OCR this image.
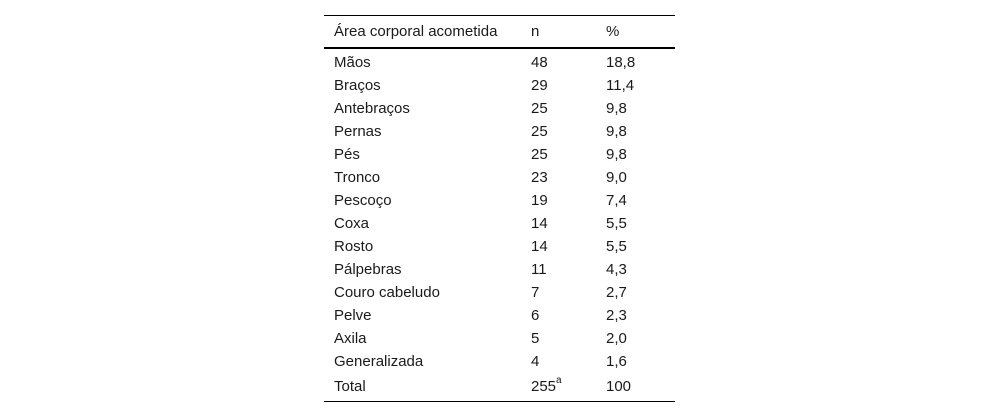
Área corporal acometida	n	%
Mãos	48	18,8
Braços	29	11,4
Antebraços	25	9,8
Pernas	25	9,8
Pés	25	9,8
Tronco	23	9,0
Pescoço	19	7,4
Coxa	14	5,5
Rosto	14	5,5
Pálpebras	11	4,3
Couro cabeludo	7	2,7
Pelve	6	2,3
Axila	5	2,0
Generalizada	4	1,6
Total	255$^a$	100
